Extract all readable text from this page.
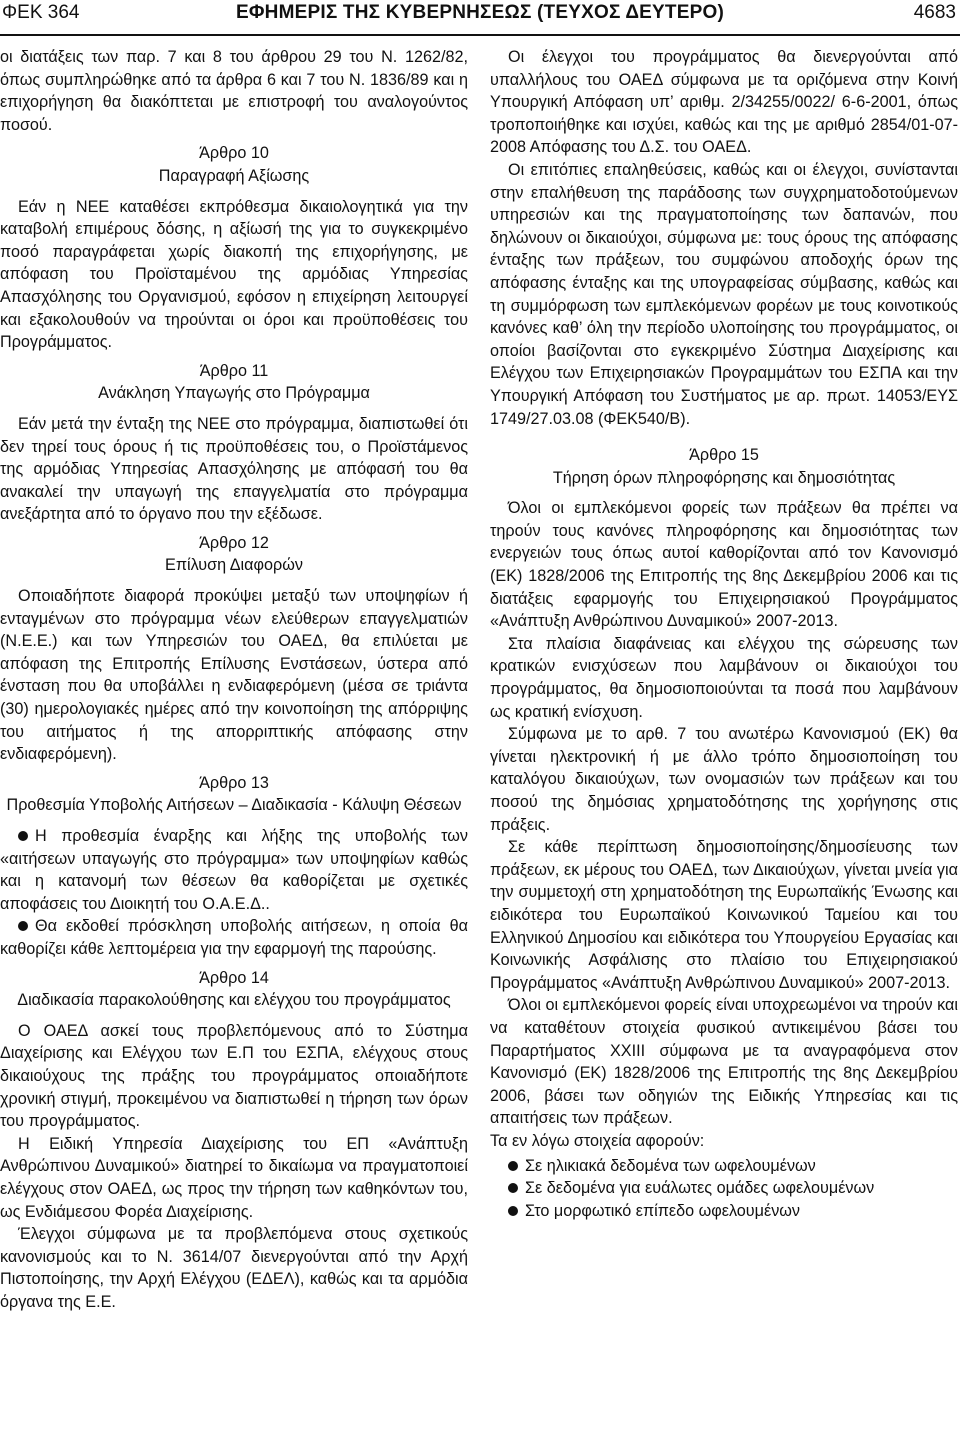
ΦΕΚ 364	ΕΦΗΜΕΡΙΣ ΤΗΣ ΚΥΒΕΡΝΗΣΕΩΣ (ΤΕΥΧΟΣ ΔΕΥΤΕΡΟ)	4683

οι διατάξεις των παρ. 7 και 8 του άρθρου 29 του Ν. 1262/82, όπως συμπληρώθηκε από τα άρθρα 6 και 7 του Ν. 1836/89 και η επιχορήγηση θα διακόπτεται με επιστροφή του αναλογούντος ποσού.

Άρθρο 10
Παραγραφή Αξίωσης

Εάν η ΝΕΕ καταθέσει εκπρόθεσμα δικαιολογητικά για την καταβολή επιμέρους δόσης, η αξίωσή της για το συγκεκριμένο ποσό παραγράφεται χωρίς διακοπή της επιχορήγησης, με απόφαση του Προϊσταμένου της αρμόδιας Υπηρεσίας Απασχόλησης του Οργανισμού, εφόσον η επιχείρηση λειτουργεί και εξακολουθούν να τηρούνται οι όροι και προϋποθέσεις του Προγράμματος.

Άρθρο 11
Ανάκληση Υπαγωγής στο Πρόγραμμα

Εάν μετά την ένταξη της ΝΕΕ στο πρόγραμμα, διαπιστωθεί ότι δεν τηρεί τους όρους ή τις προϋποθέσεις του, ο Προϊστάμενος της αρμόδιας Υπηρεσίας Απασχόλησης με απόφασή του θα ανακαλεί την υπαγωγή της επαγγελματία στο πρόγραμμα ανεξάρτητα από το όργανο που την εξέδωσε.

Άρθρο 12
Επίλυση Διαφορών

Οποιαδήποτε διαφορά προκύψει μεταξύ των υποψηφίων ή ενταγμένων στο πρόγραμμα νέων ελεύθερων επαγγελματιών (Ν.Ε.Ε.) και των Υπηρεσιών του ΟΑΕΔ, θα επιλύεται με απόφαση της Επιτροπής Επίλυσης Ενστάσεων, ύστερα από ένσταση που θα υποβάλλει η ενδιαφερόμενη (μέσα σε τριάντα (30) ημερολογιακές ημέρες από την κοινοποίηση της απόρριψης του αιτήματος ή της απορριπτικής απόφασης στην ενδιαφερόμενη).

Άρθρο 13
Προθεσμία Υποβολής Αιτήσεων – Διαδικασία - Κάλυψη Θέσεων

Η προθεσμία έναρξης και λήξης της υποβολής των «αιτήσεων υπαγωγής στο πρόγραμμα» των υποψηφίων καθώς και η κατανομή των θέσεων θα καθορίζεται με σχετικές αποφάσεις του Διοικητή του Ο.Α.Ε.Δ..

Θα εκδοθεί πρόσκληση υποβολής αιτήσεων, η οποία θα καθορίζει κάθε λεπτομέρεια για την εφαρμογή της παρούσης.

Άρθρο 14
Διαδικασία παρακολούθησης και ελέγχου του προγράμματος

Ο ΟΑΕΔ ασκεί τους προβλεπόμενους από το Σύστημα Διαχείρισης και Ελέγχου των Ε.Π του ΕΣΠΑ, ελέγχους στους δικαιούχους της πράξης του προγράμματος οποιαδήποτε χρονική στιγμή, προκειμένου να διαπιστωθεί η τήρηση των όρων του προγράμματος.

Η Ειδική Υπηρεσία Διαχείρισης του ΕΠ «Ανάπτυξη Ανθρώπινου Δυναμικού» διατηρεί το δικαίωμα να πραγματοποιεί ελέγχους στον ΟΑΕΔ, ως προς την τήρηση των καθηκόντων του, ως Ενδιάμεσου Φορέα Διαχείρισης.

Έλεγχοι σύμφωνα με τα προβλεπόμενα στους σχετικούς κανονισμούς και το Ν. 3614/07 διενεργούνται από την Αρχή Πιστοποίησης, την Αρχή Ελέγχου (ΕΔΕΛ), καθώς και τα αρμόδια όργανα της Ε.Ε.

Οι έλεγχοι του προγράμματος θα διενεργούνται από υπαλλήλους του ΟΑΕΔ σύμφωνα με τα οριζόμενα στην Κοινή Υπουργική Απόφαση υπ’ αριθμ. 2/34255/0022/ 6-6-2001, όπως τροποποιήθηκε και ισχύει, καθώς και της με αριθμό 2854/01-07-2008 Απόφασης του Δ.Σ. του ΟΑΕΔ.

Οι επιτόπιες επαληθεύσεις, καθώς και οι έλεγχοι, συνίστανται στην επαλήθευση της παράδοσης των συγχρηματοδοτούμενων υπηρεσιών και της πραγματοποίησης των δαπανών, που δηλώνουν οι δικαιούχοι, σύμφωνα με: τους όρους της απόφασης ένταξης των πράξεων, του συμφώνου αποδοχής όρων της απόφασης ένταξης και της υπογραφείσας σύμβασης, καθώς και τη συμμόρφωση των εμπλεκόμενων φορέων με τους κοινοτικούς κανόνες καθ’ όλη την περίοδο υλοποίησης του προγράμματος, οι οποίοι βασίζονται στο εγκεκριμένο Σύστημα Διαχείρισης και Ελέγχου των Επιχειρησιακών Προγραμμάτων του ΕΣΠΑ και την Υπουργική Απόφαση του Συστήματος με αρ. πρωτ. 14053/ΕΥΣ 1749/27.03.08 (ΦΕΚ540/Β).

Άρθρο 15
Τήρηση όρων πληροφόρησης και δημοσιότητας

Όλοι οι εμπλεκόμενοι φορείς των πράξεων θα πρέπει να τηρούν τους κανόνες πληροφόρησης και δημοσιότητας των ενεργειών τους όπως αυτοί καθορίζονται από τον Κανονισμό (ΕΚ) 1828/2006 της Επιτροπής της 8ης Δεκεμβρίου 2006 και τις διατάξεις εφαρμογής του Επιχειρησιακού Προγράμματος «Ανάπτυξη Ανθρώπινου Δυναμικού» 2007-2013.

Στα πλαίσια διαφάνειας και ελέγχου της σώρευσης των κρατικών ενισχύσεων που λαμβάνουν οι δικαιούχοι του προγράμματος, θα δημοσιοποιούνται τα ποσά που λαμβάνουν ως κρατική ενίσχυση.

Σύμφωνα με το αρθ. 7 του ανωτέρω Κανονισμού (ΕΚ) θα γίνεται ηλεκτρονική ή με άλλο τρόπο δημοσιοποίηση του καταλόγου δικαιούχων, των ονομασιών των πράξεων και του ποσού της δημόσιας χρηματοδότησης της χορήγησης στις πράξεις.

Σε κάθε περίπτωση δημοσιοποίησης/δημοσίευσης των πράξεων, εκ μέρους του ΟΑΕΔ, των Δικαιούχων, γίνεται μνεία για την συμμετοχή στη χρηματοδότηση της Ευρωπαϊκής Ένωσης και ειδικότερα του Ευρωπαϊκού Κοινωνικού Ταμείου και του Ελληνικού Δημοσίου και ειδικότερα του Υπουργείου Εργασίας και Κοινωνικής Ασφάλισης στο πλαίσιο του Επιχειρησιακού Προγράμματος «Ανάπτυξη Ανθρώπινου Δυναμικού» 2007-2013.

Όλοι οι εμπλεκόμενοι φορείς είναι υποχρεωμένοι να τηρούν και να καταθέτουν στοιχεία φυσικού αντικειμένου βάσει του Παραρτήματος XXIII σύμφωνα με τα αναγραφόμενα στον Κανονισμό (ΕΚ) 1828/2006 της Επιτροπής της 8ης Δεκεμβρίου 2006, βάσει των οδηγιών της Ειδικής Υπηρεσίας και τις απαιτήσεις των πράξεων.

Τα εν λόγω στοιχεία αφορούν:

Σε ηλικιακά δεδομένα των ωφελουμένων
Σε δεδομένα για ευάλωτες ομάδες ωφελουμένων
Στο μορφωτικό επίπεδο ωφελουμένων
